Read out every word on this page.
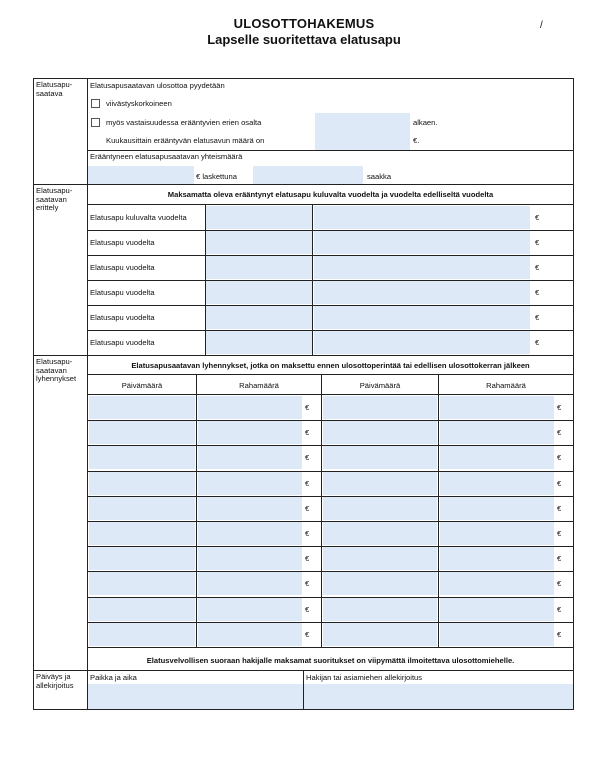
ULOSOTTOHAKEMUS
Lapselle suoritettava elatusapu
/
Elatusapu-
saatava
Elatusapusaatavan ulosottoa pyydetään
viivästyskorkoineen
myös vastaisuudessa erääntyvien erien osalta	alkaen.
Kuukausittain erääntyvän elatusavun määrä on	€.
Erääntyneen elatusapusaatavan yhteismäärä
€ laskettuna	saakka
Elatusapu-
saatavan
erittely
Maksamatta oleva erääntynyt elatusapu kuluvalta vuodelta ja vuodelta edelliseltä vuodelta
Elatusapu kuluvalta vuodelta	€
Elatusapu vuodelta	€
Elatusapu vuodelta	€
Elatusapu vuodelta	€
Elatusapu vuodelta	€
Elatusapu vuodelta	€
Elatusapu-
saatavan
lyhennykset
Elatusapusaatavan lyhennykset, jotka on maksettu ennen ulosottoperintää tai edellisen ulosottokerran jälkeen
Päivämäärä	Rahamäärä	Päivämäärä	Rahamäärä
€	€
€	€
€	€
€	€
€	€
€	€
€	€
€	€
€	€
€	€
Elatusvelvollisen suoraan hakijalle maksamat suoritukset on viipymättä ilmoitettava ulosottomiehelle.
Päiväys ja
allekirjoitus
Paikka ja aika	Hakijan tai asiamiehen allekirjoitus
